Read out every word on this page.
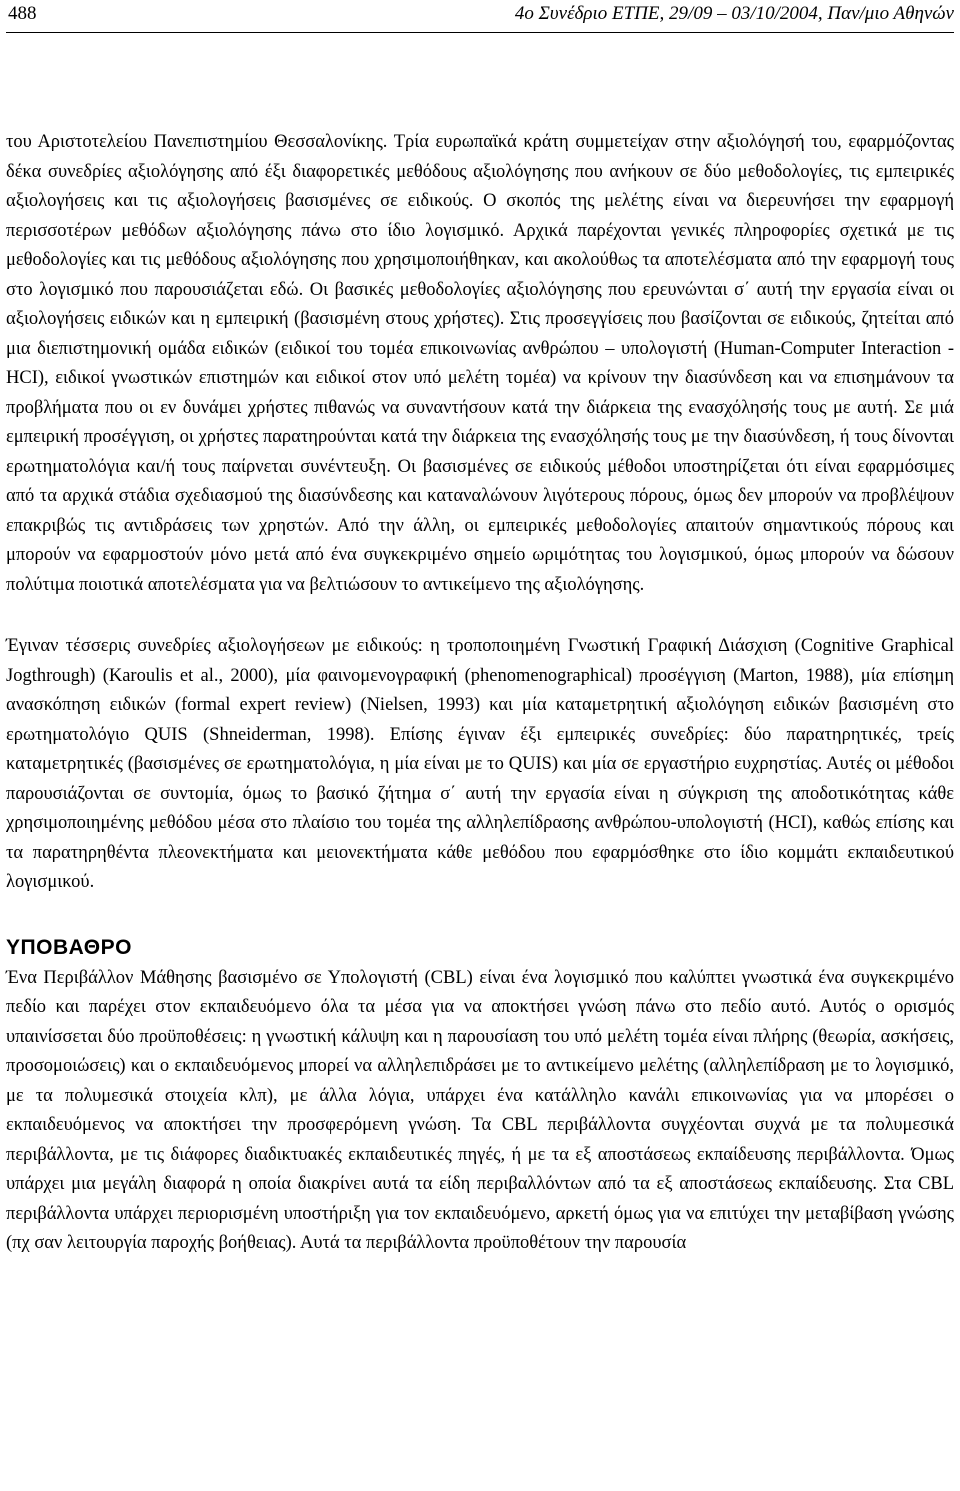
488	4ο Συνέδριο ΕΤΠΕ, 29/09 – 03/10/2004, Παν/μιο Αθηνών

του Αριστοτελείου Πανεπιστημίου Θεσσαλονίκης. Τρία ευρωπαϊκά κράτη συμμετείχαν στην αξιολόγησή του, εφαρμόζοντας δέκα συνεδρίες αξιολόγησης από έξι διαφορετικές μεθόδους αξιολόγησης που ανήκουν σε δύο μεθοδολογίες, τις εμπειρικές αξιολογήσεις και τις αξιολογήσεις βασισμένες σε ειδικούς. Ο σκοπός της μελέτης είναι να διερευνήσει την εφαρμογή περισσοτέρων μεθόδων αξιολόγησης πάνω στο ίδιο λογισμικό. Αρχικά παρέχονται γενικές πληροφορίες σχετικά με τις μεθοδολογίες και τις μεθόδους αξιολόγησης που χρησιμοποιήθηκαν, και ακολούθως τα αποτελέσματα από την εφαρμογή τους στο λογισμικό που παρουσιάζεται εδώ. Οι βασικές μεθοδολογίες αξιολόγησης που ερευνώνται σ΄ αυτή την εργασία είναι οι αξιολογήσεις ειδικών και η εμπειρική (βασισμένη στους χρήστες). Στις προσεγγίσεις που βασίζονται σε ειδικούς, ζητείται από μια διεπιστημονική ομάδα ειδικών (ειδικοί του τομέα επικοινωνίας ανθρώπου – υπολογιστή (Human-Computer Interaction - HCI), ειδικοί γνωστικών επιστημών και ειδικοί στον υπό μελέτη τομέα) να κρίνουν την διασύνδεση και να επισημάνουν τα προβλήματα που οι εν δυνάμει χρήστες πιθανώς να συναντήσουν κατά την διάρκεια της ενασχόλησής τους με αυτή. Σε μιά εμπειρική προσέγγιση, οι χρήστες παρατηρούνται κατά την διάρκεια της ενασχόλησής τους με την διασύνδεση, ή τους δίνονται ερωτηματολόγια και/ή τους παίρνεται συνέντευξη. Οι βασισμένες σε ειδικούς μέθοδοι υποστηρίζεται ότι είναι εφαρμόσιμες από τα αρχικά στάδια σχεδιασμού της διασύνδεσης και καταναλώνουν λιγότερους πόρους, όμως δεν μπορούν να προβλέψουν επακριβώς τις αντιδράσεις των χρηστών. Από την άλλη, οι εμπειρικές μεθοδολογίες απαιτούν σημαντικούς πόρους και μπορούν να εφαρμοστούν μόνο μετά από ένα συγκεκριμένο σημείο ωριμότητας του λογισμικού, όμως μπορούν να δώσουν πολύτιμα ποιοτικά αποτελέσματα για να βελτιώσουν το αντικείμενο της αξιολόγησης.

Έγιναν τέσσερις συνεδρίες αξιολογήσεων με ειδικούς: η τροποποιημένη Γνωστική Γραφική Διάσχιση (Cognitive Graphical Jogthrough) (Karoulis et al., 2000), μία φαινομενογραφική (phenomenographical) προσέγγιση (Marton, 1988), μία επίσημη ανασκόπηση ειδικών (formal expert review) (Nielsen, 1993) και μία καταμετρητική αξιολόγηση ειδικών βασισμένη στο ερωτηματολόγιο QUIS (Shneiderman, 1998). Επίσης έγιναν έξι εμπειρικές συνεδρίες: δύο παρατηρητικές, τρείς καταμετρητικές (βασισμένες σε ερωτηματολόγια, η μία είναι με το QUIS) και μία σε εργαστήριο ευχρηστίας. Αυτές οι μέθοδοι παρουσιάζονται σε συντομία, όμως το βασικό ζήτημα σ΄ αυτή την εργασία είναι η σύγκριση της αποδοτικότητας κάθε χρησιμοποιημένης μεθόδου μέσα στο πλαίσιο του τομέα της αλληλεπίδρασης ανθρώπου-υπολογιστή (HCI), καθώς επίσης και τα παρατηρηθέντα πλεονεκτήματα και μειονεκτήματα κάθε μεθόδου που εφαρμόσθηκε στο ίδιο κομμάτι εκπαιδευτικού λογισμικού.

ΥΠΟΒΑΘΡΟ

Ένα Περιβάλλον Μάθησης βασισμένο σε Υπολογιστή (CBL) είναι ένα λογισμικό που καλύπτει γνωστικά ένα συγκεκριμένο πεδίο και παρέχει στον εκπαιδευόμενο όλα τα μέσα για να αποκτήσει γνώση πάνω στο πεδίο αυτό. Αυτός ο ορισμός υπαινίσσεται δύο προϋποθέσεις: η γνωστική κάλυψη και η παρουσίαση του υπό μελέτη τομέα είναι πλήρης (θεωρία, ασκήσεις, προσομοιώσεις) και ο εκπαιδευόμενος μπορεί να αλληλεπιδράσει με το αντικείμενο μελέτης (αλληλεπίδραση με το λογισμικό, με τα πολυμεσικά στοιχεία κλπ), με άλλα λόγια, υπάρχει ένα κατάλληλο κανάλι επικοινωνίας για να μπορέσει ο εκπαιδευόμενος να αποκτήσει την προσφερόμενη γνώση. Τα CBL περιβάλλοντα συγχέονται συχνά με τα πολυμεσικά περιβάλλοντα, με τις διάφορες διαδικτυακές εκπαιδευτικές πηγές, ή με τα εξ αποστάσεως εκπαίδευσης περιβάλλοντα. Όμως υπάρχει μια μεγάλη διαφορά η οποία διακρίνει αυτά τα είδη περιβαλλόντων από τα εξ αποστάσεως εκπαίδευσης. Στα CBL περιβάλλοντα υπάρχει περιορισμένη υποστήριξη για τον εκπαιδευόμενο, αρκετή όμως για να επιτύχει την μεταβίβαση γνώσης (πχ σαν λειτουργία παροχής βοήθειας). Αυτά τα περιβάλλοντα προϋποθέτουν την παρουσία
